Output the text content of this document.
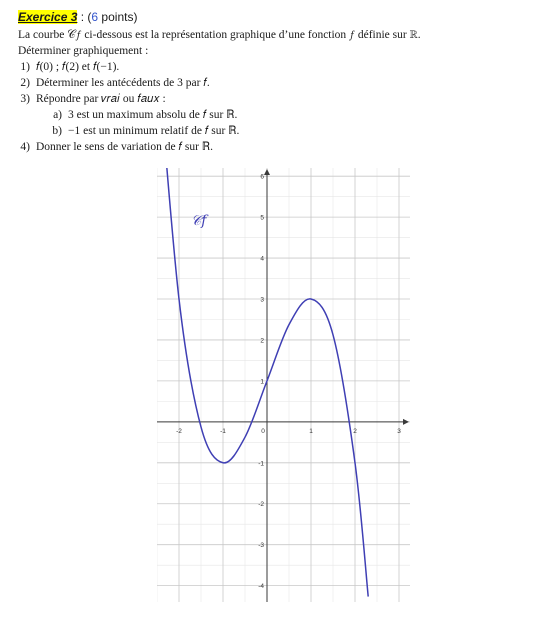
Exercice 3 : (6 points)
La courbe 𝒞𝑓 ci-dessous est la représentation graphique d’une fonction 𝑓 définie sur ℝ.
Déterminer graphiquement :
1) 𝑓(0) ; 𝑓(2) et 𝑓(−1).
2) Déterminer les antécédents de 3 par 𝑓.
3) Répondre par 𝑣𝑟𝑎𝑖 ou 𝑓𝑎𝑢𝑥 :
a) 3 est un maximum absolu de 𝑓 sur ℝ.
b) −1 est un minimum relatif de 𝑓 sur ℝ.
4) Donner le sens de variation de 𝑓 sur ℝ.
-2	-1	0	1	2	3
6
5
4
3
2
1
-1
-2
-3
-4
𝒞𝑓
